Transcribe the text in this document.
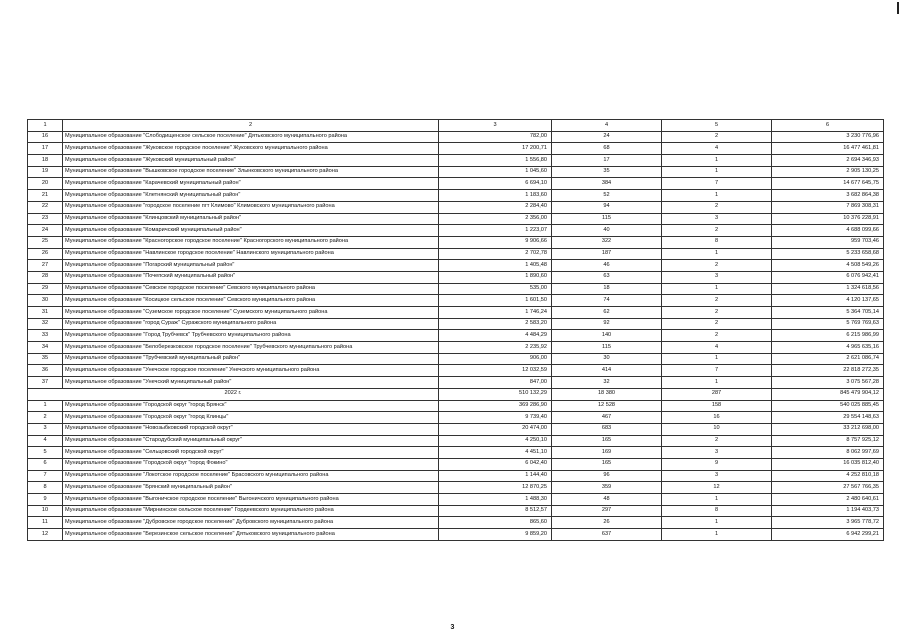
1	2	3	4	5	6
16	Муниципальное образование "Слободищенское сельское поселение" Дятьковского муниципального района	782,00	24	2	3 230 776,96
17	Муниципальное образование "Жуковское городское поселение" Жуковского муниципального района	17 200,71	68	4	16 477 461,81
18	Муниципальное образование "Жуковский муниципальный район"	1 556,80	17	1	2 694 346,93
19	Муниципальное образование "Вышковское городское поселение" Злынковского муниципального района	1 045,60	35	1	2 905 130,25
20	Муниципальное образование "Карачевский муниципальный район"	6 694,10	384	7	14 677 645,75
21	Муниципальное образование "Клетнянский муниципальный район"	1 183,60	52	1	3 682 864,38
22	Муниципальное образование "городское поселение пгт Климово" Климовского муниципального района	2 284,40	94	2	7 869 308,31
23	Муниципальное образование "Клинцовский муниципальный район"	2 356,00	115	3	10 376 228,91
24	Муниципальное образование "Комаричский муниципальный район"	1 223,07	40	2	4 688 099,66
25	Муниципальное образование "Красногорское городское поселение" Красногорского муниципального района	9 906,66	322	8	959 703,46
26	Муниципальное образование "Навлинское городское поселение" Навлинского муниципального района	2 702,78	187	1	5 233 658,68
27	Муниципальное образование "Погарский муниципальный район"	1 405,48	46	2	4 508 549,26
28	Муниципальное образование "Почепский муниципальный район"	1 890,60	63	3	6 076 942,41
29	Муниципальное образование "Севское городское поселение" Севского муниципального района	535,00	18	1	1 324 618,56
30	Муниципальное образование "Косицкое сельское поселение" Севского муниципального района	1 601,50	74	2	4 120 137,65
31	Муниципальное образование "Суземское городское поселение" Суземского муниципального района	1 746,24	62	2	5 364 705,14
32	Муниципальное образование "город Сураж" Суражского муниципального района	2 583,20	92	2	5 769 769,63
33	Муниципальное образование "Город Трубчевск" Трубчевского муниципального района	4 484,29	140	2	6 215 986,99
34	Муниципальное образование "Белоберезковское городское поселение" Трубчевского муниципального района	2 235,92	115	4	4 965 635,16
35	Муниципальное образование "Трубчевский муниципальный район"	906,00	30	1	2 621 086,74
36	Муниципальное образование "Унечское городское поселение" Унечского муниципального района	12 032,59	414	7	22 818 272,35
37	Муниципальное образование "Унечский муниципальный район"	847,00	32	1	3 075 567,28
2022 г.		510 132,29	18 380	287	845 479 904,12
1	Муниципальное образование "Городской округ "город Брянск"	369 286,90	12 528	158	540 025 885,45
2	Муниципальное образование "Городской округ "город Клинцы"	9 739,40	467	16	29 554 148,63
3	Муниципальное образование "Новозыбковский городской округ"	20 474,00	683	10	33 212 698,00
4	Муниципальное образование "Стародубский муниципальный округ"	4 250,10	165	2	8 757 925,12
5	Муниципальное образование "Сельцовский городской округ"	4 451,10	169	3	8 062 997,69
6	Муниципальное образование "Городской округ "город Фокино"	6 042,40	165	9	16 035 812,40
7	Муниципальное образование "Локотское городское поселение" Брасовского муниципального района	1 144,40	96	3	4 252 810,18
8	Муниципальное образование "Брянский муниципальный район"	12 870,25	359	12	27 567 766,35
9	Муниципальное образование "Выгоничское городское поселение" Выгоничского муниципального района	1 488,30	48	1	2 480 640,61
10	Муниципальное образование "Мирнинское сельское поселение" Гордеевского муниципального района	8 512,57	297	8	1 194 403,73
11	Муниципальное образование "Дубровское городское поселение" Дубровского муниципального района	865,60	26	1	3 965 778,72
12	Муниципальное образование "Березинское сельское поселение" Дятьковского муниципального района	9 859,20	637	1	6 942 299,21
3
